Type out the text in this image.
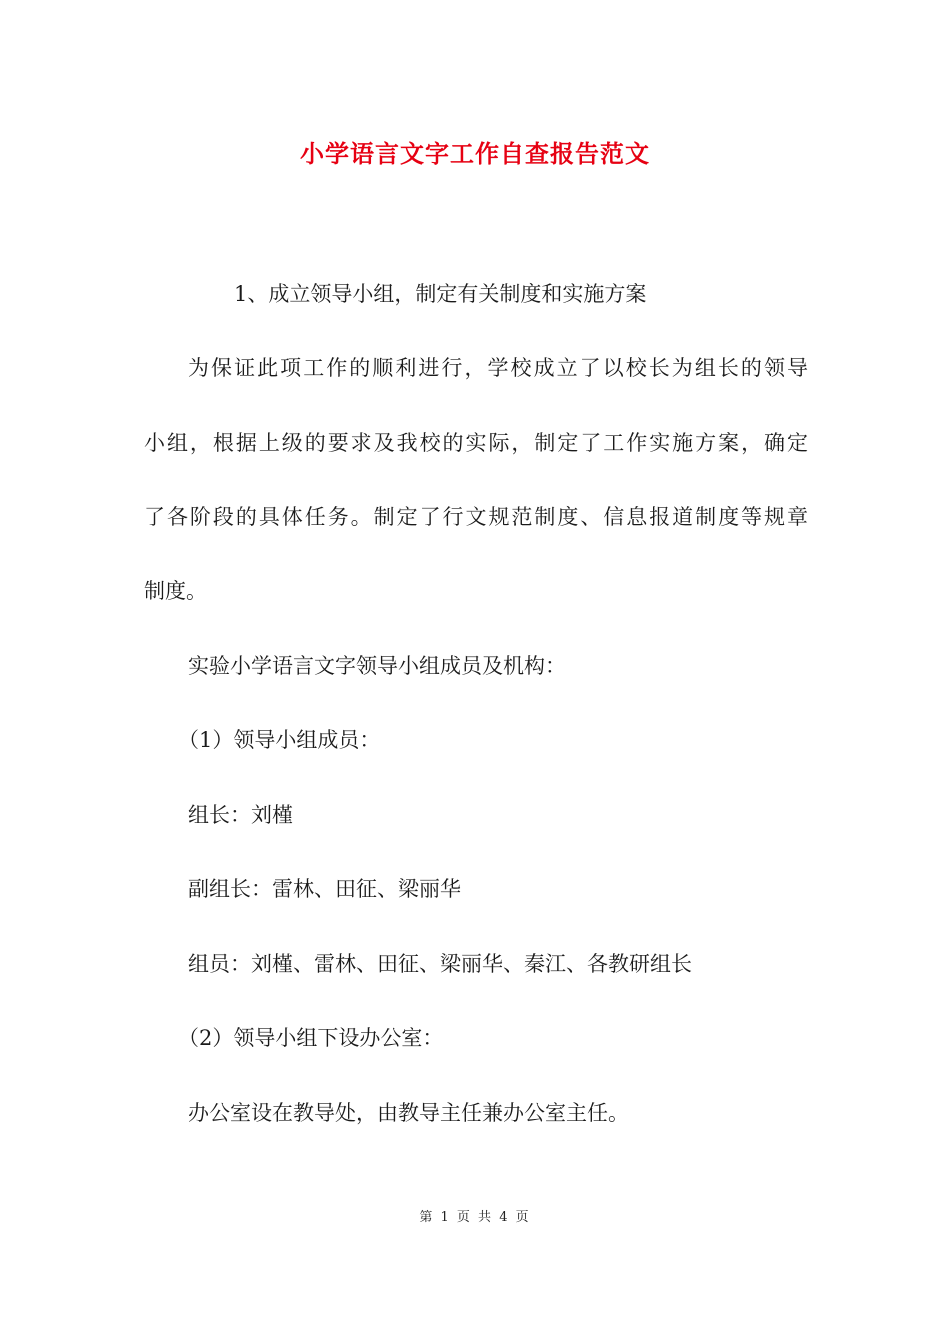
小学语言文字工作自查报告范文
1、成立领导小组，制定有关制度和实施方案
为保证此项工作的顺利进行，学校成立了以校长为组长的领导
小组，根据上级的要求及我校的实际，制定了工作实施方案，确定
了各阶段的具体任务。制定了行文规范制度、信息报道制度等规章
制度。
实验小学语言文字领导小组成员及机构：
（1）领导小组成员：
组长：刘槿
副组长：雷林、田征、梁丽华
组员：刘槿、雷林、田征、梁丽华、秦江、各教研组长
（2）领导小组下设办公室：
办公室设在教导处，由教导主任兼办公室主任。
第 1 页 共 4 页
